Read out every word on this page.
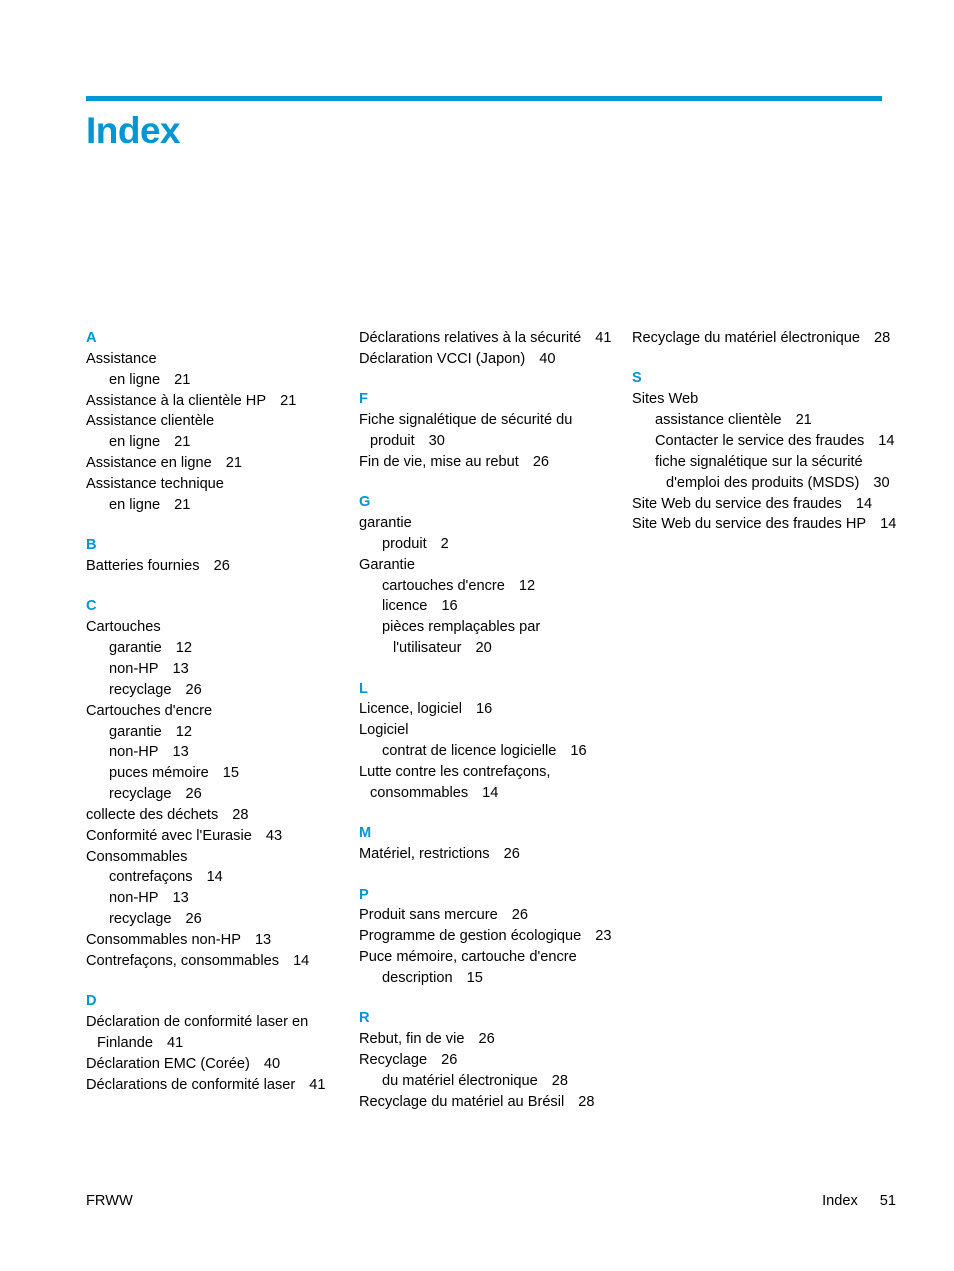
Index
A
Assistance
en ligne 21
Assistance à la clientèle HP 21
Assistance clientèle
en ligne 21
Assistance en ligne 21
Assistance technique
en ligne 21
B
Batteries fournies 26
C
Cartouches
garantie 12
non-HP 13
recyclage 26
Cartouches d'encre
garantie 12
non-HP 13
puces mémoire 15
recyclage 26
collecte des déchets 28
Conformité avec l'Eurasie 43
Consommables
contrefaçons 14
non-HP 13
recyclage 26
Consommables non-HP 13
Contrefaçons, consommables 14
D
Déclaration de conformité laser en Finlande 41
Déclaration EMC (Corée) 40
Déclarations de conformité laser 41
Déclarations relatives à la sécurité 41
Déclaration VCCI (Japon) 40
F
Fiche signalétique de sécurité du produit 30
Fin de vie, mise au rebut 26
G
garantie
produit 2
Garantie
cartouches d'encre 12
licence 16
pièces remplaçables par l'utilisateur 20
L
Licence, logiciel 16
Logiciel
contrat de licence logicielle 16
Lutte contre les contrefaçons, consommables 14
M
Matériel, restrictions 26
P
Produit sans mercure 26
Programme de gestion écologique 23
Puce mémoire, cartouche d'encre
description 15
R
Rebut, fin de vie 26
Recyclage 26
du matériel électronique 28
Recyclage du matériel au Brésil 28
Recyclage du matériel électronique 28
S
Sites Web
assistance clientèle 21
Contacter le service des fraudes 14
fiche signalétique sur la sécurité d'emploi des produits (MSDS) 30
Site Web du service des fraudes 14
Site Web du service des fraudes HP 14
FRWW	Index 51
